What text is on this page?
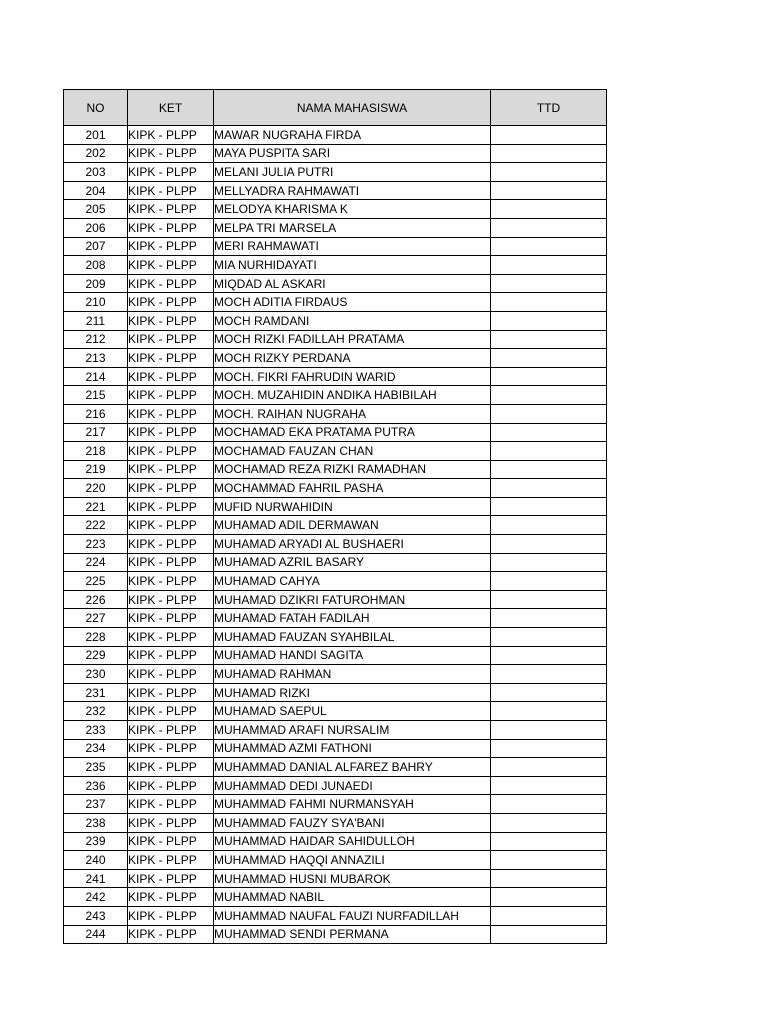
NO	KET	NAMA MAHASISWA	TTD
201	KIPK - PLPP	MAWAR NUGRAHA FIRDA	
202	KIPK - PLPP	MAYA PUSPITA SARI	
203	KIPK - PLPP	MELANI JULIA PUTRI	
204	KIPK - PLPP	MELLYADRA RAHMAWATI	
205	KIPK - PLPP	MELODYA KHARISMA K	
206	KIPK - PLPP	MELPA TRI MARSELA	
207	KIPK - PLPP	MERI RAHMAWATI	
208	KIPK - PLPP	MIA NURHIDAYATI	
209	KIPK - PLPP	MIQDAD AL ASKARI	
210	KIPK - PLPP	MOCH ADITIA FIRDAUS	
211	KIPK - PLPP	MOCH RAMDANI	
212	KIPK - PLPP	MOCH RIZKI FADILLAH PRATAMA	
213	KIPK - PLPP	MOCH RIZKY PERDANA	
214	KIPK - PLPP	MOCH. FIKRI FAHRUDIN WARID	
215	KIPK - PLPP	MOCH. MUZAHIDIN ANDIKA HABIBILAH	
216	KIPK - PLPP	MOCH. RAIHAN NUGRAHA	
217	KIPK - PLPP	MOCHAMAD EKA PRATAMA PUTRA	
218	KIPK - PLPP	MOCHAMAD FAUZAN CHAN	
219	KIPK - PLPP	MOCHAMAD REZA RIZKI RAMADHAN	
220	KIPK - PLPP	MOCHAMMAD FAHRIL PASHA	
221	KIPK - PLPP	MUFID NURWAHIDIN	
222	KIPK - PLPP	MUHAMAD ADIL DERMAWAN	
223	KIPK - PLPP	MUHAMAD ARYADI AL BUSHAERI	
224	KIPK - PLPP	MUHAMAD AZRIL BASARY	
225	KIPK - PLPP	MUHAMAD CAHYA	
226	KIPK - PLPP	MUHAMAD DZIKRI FATUROHMAN	
227	KIPK - PLPP	MUHAMAD FATAH FADILAH	
228	KIPK - PLPP	MUHAMAD FAUZAN SYAHBILAL	
229	KIPK - PLPP	MUHAMAD HANDI SAGITA	
230	KIPK - PLPP	MUHAMAD RAHMAN	
231	KIPK - PLPP	MUHAMAD RIZKI	
232	KIPK - PLPP	MUHAMAD SAEPUL	
233	KIPK - PLPP	MUHAMMAD ARAFI NURSALIM	
234	KIPK - PLPP	MUHAMMAD AZMI FATHONI	
235	KIPK - PLPP	MUHAMMAD DANIAL ALFAREZ BAHRY	
236	KIPK - PLPP	MUHAMMAD DEDI JUNAEDI	
237	KIPK - PLPP	MUHAMMAD FAHMI NURMANSYAH	
238	KIPK - PLPP	MUHAMMAD FAUZY SYA'BANI	
239	KIPK - PLPP	MUHAMMAD HAIDAR SAHIDULLOH	
240	KIPK - PLPP	MUHAMMAD HAQQI ANNAZILI	
241	KIPK - PLPP	MUHAMMAD HUSNI MUBAROK	
242	KIPK - PLPP	MUHAMMAD NABIL	
243	KIPK - PLPP	MUHAMMAD NAUFAL FAUZI NURFADILLAH	
244	KIPK - PLPP	MUHAMMAD SENDI PERMANA	
